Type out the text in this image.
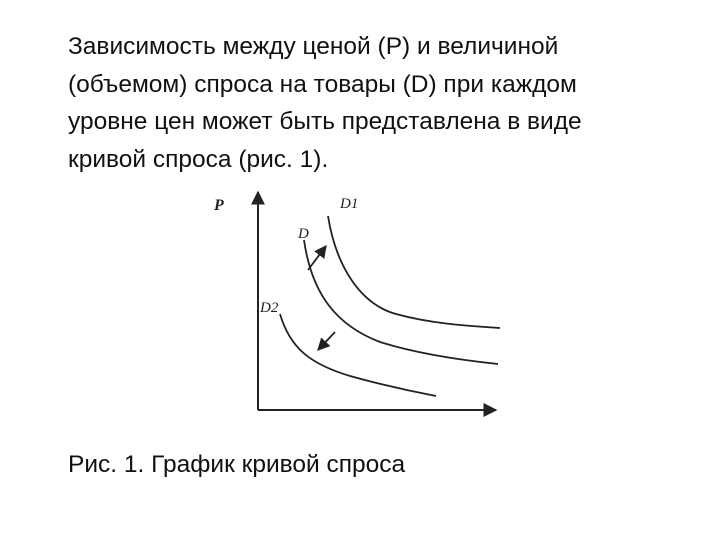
Зависимость между ценой (P) и величиной
(объемом) спроса на товары (D) при каждом
уровне цен может быть представлена в виде
кривой спроса (рис. 1).

P	D1
D
D2

Рис. 1. График кривой спроса
